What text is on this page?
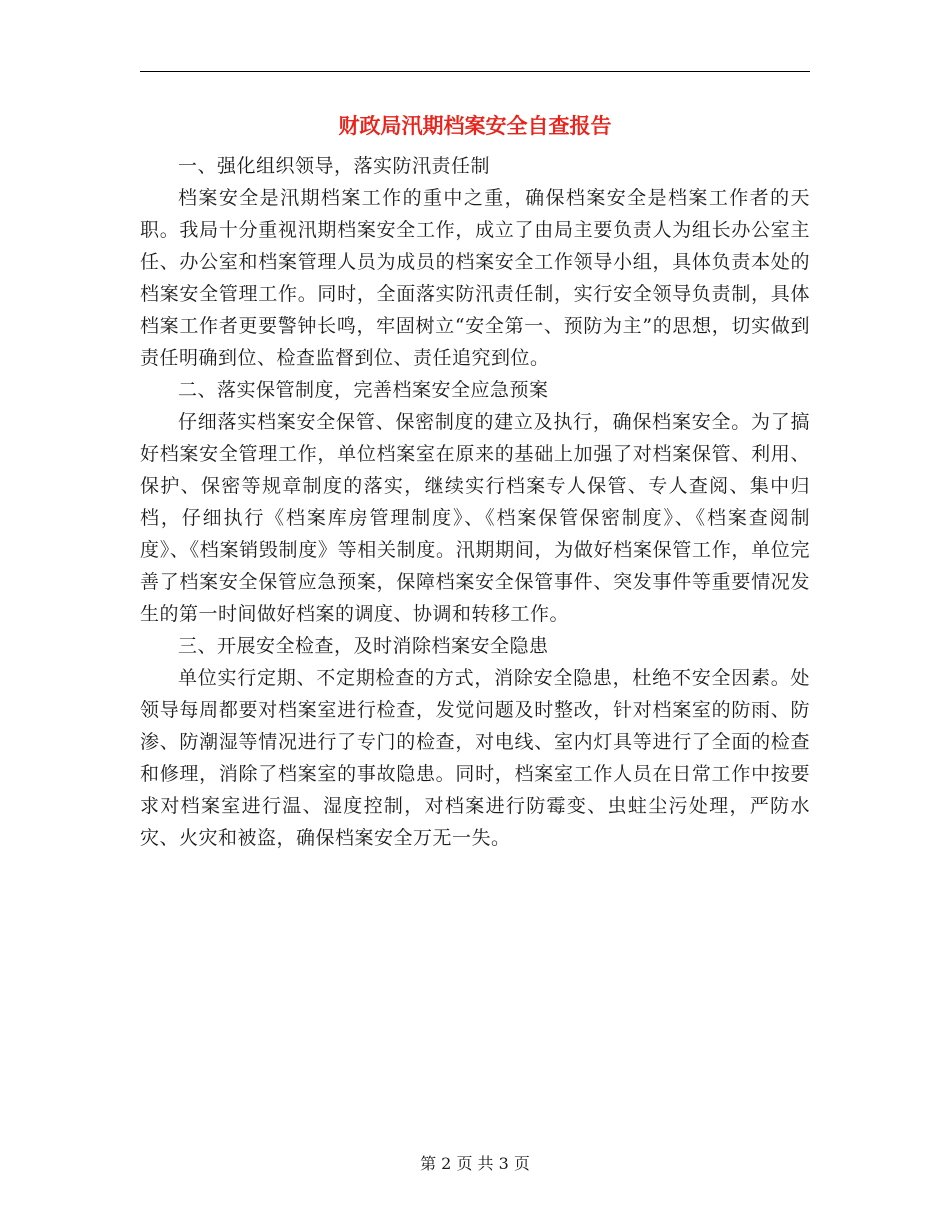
财政局汛期档案安全自查报告

一、强化组织领导，落实防汛责任制

档案安全是汛期档案工作的重中之重，确保档案安全是档案工作者的天职。我局十分重视汛期档案安全工作，成立了由局主要负责人为组长办公室主任、办公室和档案管理人员为成员的档案安全工作领导小组，具体负责本处的档案安全管理工作。同时，全面落实防汛责任制，实行安全领导负责制，具体档案工作者更要警钟长鸣，牢固树立“安全第一、预防为主”的思想，切实做到责任明确到位、检查监督到位、责任追究到位。

二、落实保管制度，完善档案安全应急预案

仔细落实档案安全保管、保密制度的建立及执行，确保档案安全。为了搞好档案安全管理工作，单位档案室在原来的基础上加强了对档案保管、利用、保护、保密等规章制度的落实，继续实行档案专人保管、专人查阅、集中归档，仔细执行《档案库房管理制度》、《档案保管保密制度》、《档案查阅制度》、《档案销毁制度》等相关制度。汛期期间，为做好档案保管工作，单位完善了档案安全保管应急预案，保障档案安全保管事件、突发事件等重要情况发生的第一时间做好档案的调度、协调和转移工作。

三、开展安全检查，及时消除档案安全隐患

单位实行定期、不定期检查的方式，消除安全隐患，杜绝不安全因素。处领导每周都要对档案室进行检查，发觉问题及时整改，针对档案室的防雨、防渗、防潮湿等情况进行了专门的检查，对电线、室内灯具等进行了全面的检查和修理，消除了档案室的事故隐患。同时，档案室工作人员在日常工作中按要求对档案室进行温、湿度控制，对档案进行防霉变、虫蛀尘污处理，严防水灾、火灾和被盗，确保档案安全万无一失。

第 2 页 共 3 页
